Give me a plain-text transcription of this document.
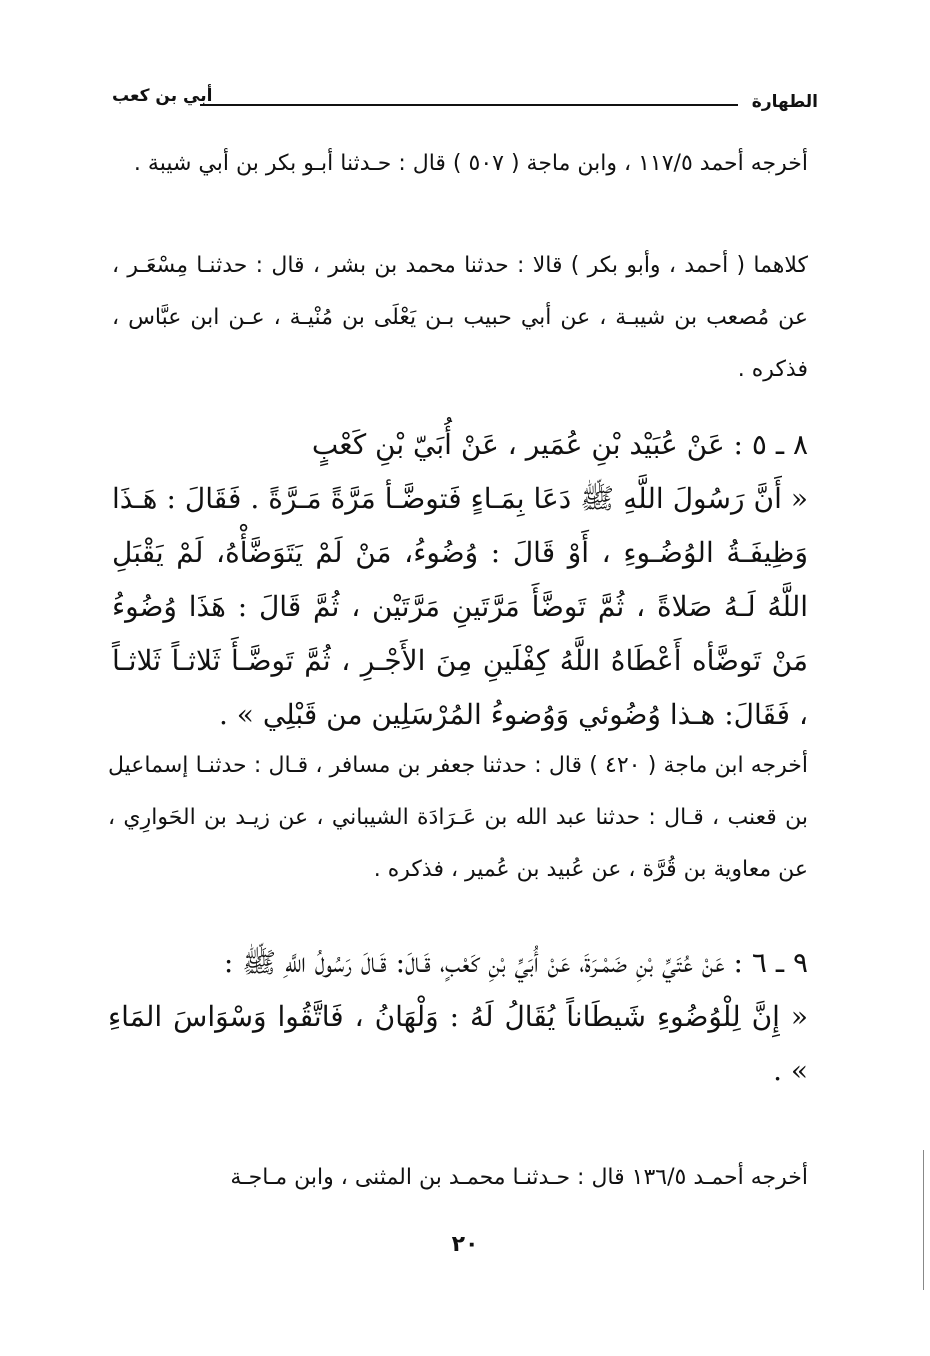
الطهارة
أبي بن كعب

أخرجه أحمد ١١٧/٥ ، وابن ماجة ( ٥٠٧ ) قال : حـدثنا أبـو بكر بن أبي شيبة .

كلاهما ( أحمد ، وأبو بكر ) قالا : حدثنا محمد بن بشر ، قال : حدثنـا مِسْعَـر ، عن مُصعب بن شيبـة ، عن أبي حبيب بـن يَعْلَى بن مُنْيـة ، عـن ابن عبَّاس ، فذكره .

٨ ـ ٥ : عَنْ عُبَيْد بْنِ عُمَير ، عَنْ أُبَيّ بْنِ كَعْبٍ

« أَنَّ رَسُولَ اللَّهِ ﷺ دَعَا بِمَـاءٍ فَتوضَّـأ مَرَّةً مَـرَّةً . فَقَالَ : هَـذَا وَظِيفَـةُ الوُضُـوءِ ، أَوْ قَالَ : وُضُوءُ، مَنْ لَمْ يَتَوَضَّأْهُ، لَمْ يَقْبَلِ اللَّهُ لَـهُ صَلاةً ، ثُمَّ تَوضَّأَ مَرَّتَينِ مَرَّتَيْن ، ثُمَّ قَالَ : هَذَا وُضُوءُ مَنْ تَوضَّأه أَعْطَاهُ اللَّهُ كِفْلَينِ مِنَ الأَجْـرِ ، ثُمَّ تَوضَّـأَ ثَلاثـاً ثَلاثـاً ، فَقَالَ: هـذا وُضُوئي وَوُضوءُ المُرْسَلِين من قَبْلِي » .

أخرجه ابن ماجة ( ٤٢٠ ) قال : حدثنا جعفر بن مسافر ، قـال : حدثنـا إسماعيل بن قعنب ، قـال : حدثنا عبد الله بن عَـرَادَة الشيباني ، عن زيـد بن الحَوارِي ، عن معاوية بن قُرَّة ، عن عُبيد بن عُمير ، فذكره .

٩ ـ ٦ : عَنْ عُتَيِّ بْنِ ضَمْـرَةَ، عَنْ أُبَيِّ بْنِ كَعْبٍ، قَـالَ: قَـالَ رَسُولُ اللَّهِ ﷺ :

« إِنَّ لِلْوُضُوءِ شَيطَاناً يُقَالُ لَهُ : وَلْهَانُ ، فَاتَّقُوا وَسْوَاسَ المَاءِ » .

أخرجه أحمـد ١٣٦/٥ قال : حـدثنـا محمـد بن المثنى ، وابن مـاجـة

٢٠
